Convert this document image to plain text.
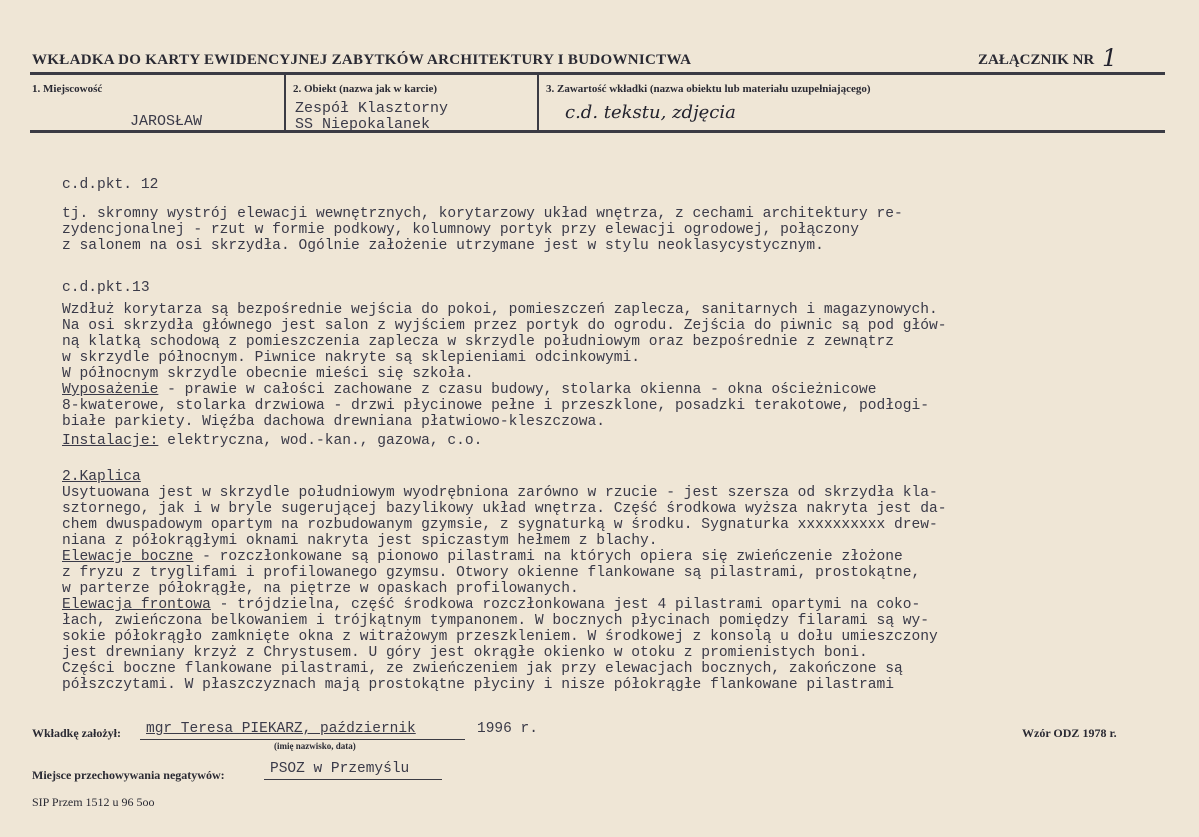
WKŁADKA DO KARTY EWIDENCYJNEJ ZABYTKÓW ARCHITEKTURY I BUDOWNICTWA	ZAŁĄCZNIK NR 1
1. Miejscowość
JAROSŁAW
2. Obiekt (nazwa jak w karcie)
Zespół Klasztorny
SS Niepokalanek
3. Zawartość wkładki (nazwa obiektu lub materiału uzupełniającego)
c.d. tekstu, zdjęcia
c.d.pkt. 12
tj. skromny wystrój elewacji wewnętrznych, korytarzowy układ wnętrza, z cechami architektury re-
zydencjonalnej - rzut w formie podkowy, kolumnowy portyk przy elewacji ogrodowej, połączony
z salonem na osi skrzydła. Ogólnie założenie utrzymane jest w stylu neoklasycystycznym.
c.d.pkt.13
Wzdłuż korytarza są bezpośrednie wejścia do pokoi, pomieszczeń zaplecza, sanitarnych i magazynowych.
Na osi skrzydła głównego jest salon z wyjściem przez portyk do ogrodu. Zejścia do piwnic są pod głów-
ną klatką schodową z pomieszczenia zaplecza w skrzydle południowym oraz bezpośrednie z zewnątrz
w skrzydle północnym. Piwnice nakryte są sklepieniami odcinkowymi.
W północnym skrzydle obecnie mieści się szkoła.
Wyposażenie - prawie w całości zachowane z czasu budowy, stolarka okienna - okna ościeżnicowe
8-kwaterowe, stolarka drzwiowa - drzwi płycinowe pełne i przeszklone, posadzki terakotowe, podłogi-
białe parkiety. Więźba dachowa drewniana płatwiowo-kleszczowa.
Instalacje: elektryczna, wod.-kan., gazowa, c.o.
2.Kaplica
Usytuowana jest w skrzydle południowym wyodrębniona zarówno w rzucie - jest szersza od skrzydła kla-
sztornego, jak i w bryle sugerującej bazylikowy układ wnętrza. Część środkowa wyższa nakryta jest da-
chem dwuspadowym opartym na rozbudowanym gzymsie, z sygnaturką w środku. Sygnaturka xxxxxxxxxx drew-
niana z półokrągłymi oknami nakryta jest spiczastym hełmem z blachy.
Elewacje boczne - rozczłonkowane są pionowo pilastrami na których opiera się zwieńczenie złożone
z fryzu z tryglifami i profilowanego gzymsu. Otwory okienne flankowane są pilastrami, prostokątne,
w parterze półokrągłe, na piętrze w opaskach profilowanych.
Elewacja frontowa - trójdzielna, część środkowa rozczłonkowana jest 4 pilastrami opartymi na coko-
łach, zwieńczona belkowaniem i trójkątnym tympanonem. W bocznych płycinach pomiędzy filarami są wy-
sokie półokrągło zamknięte okna z witrażowym przeszkleniem. W środkowej z konsolą u dołu umieszczony
jest drewniany krzyż z Chrystusem. U góry jest okrągłe okienko w otoku z promienistych boni.
Części boczne flankowane pilastrami, ze zwieńczeniem jak przy elewacjach bocznych, zakończone są
półszczytami. W płaszczyznach mają prostokątne płyciny i nisze półokrągłe flankowane pilastrami
Wkładkę założył: mgr Teresa PIEKARZ, październik	1996 r.
(imię nazwisko, data)
Wzór ODZ 1978 r.
Miejsce przechowywania negatywów:	PSOZ w Przemyślu
SIP Przem 1512 u 96 5oo
